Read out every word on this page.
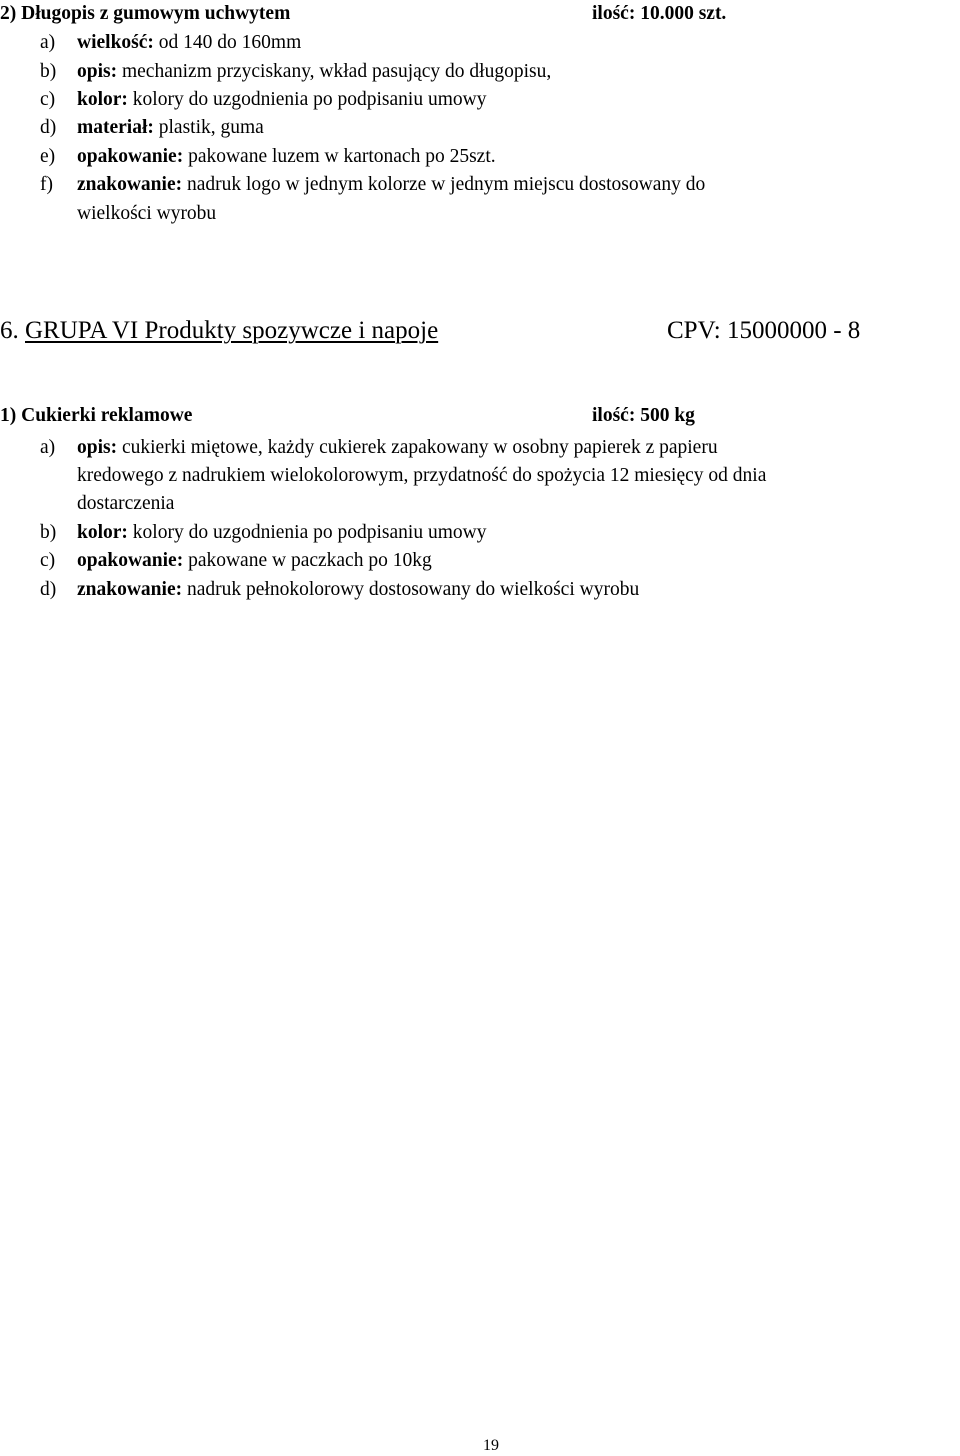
2) Długopis z gumowym uchwytem	ilość: 10.000 szt.
a) wielkość: od 140 do 160mm
b) opis: mechanizm przyciskany, wkład pasujący do długopisu,
c) kolor: kolory do uzgodnienia po podpisaniu umowy
d) materiał: plastik, guma
e) opakowanie: pakowane luzem w kartonach po 25szt.
f) znakowanie: nadruk logo w jednym kolorze w jednym miejscu dostosowany do
wielkości wyrobu
6. GRUPA VI Produkty spozywcze i napoje	CPV: 15000000 - 8
1) Cukierki reklamowe	ilość: 500 kg
a) opis: cukierki miętowe, każdy cukierek zapakowany w osobny papierek z papieru
kredowego z nadrukiem wielokolorowym, przydatność do spożycia 12 miesięcy od dnia
dostarczenia
b) kolor: kolory do uzgodnienia po podpisaniu umowy
c) opakowanie: pakowane w paczkach po 10kg
d) znakowanie: nadruk pełnokolorowy dostosowany do wielkości wyrobu
19
